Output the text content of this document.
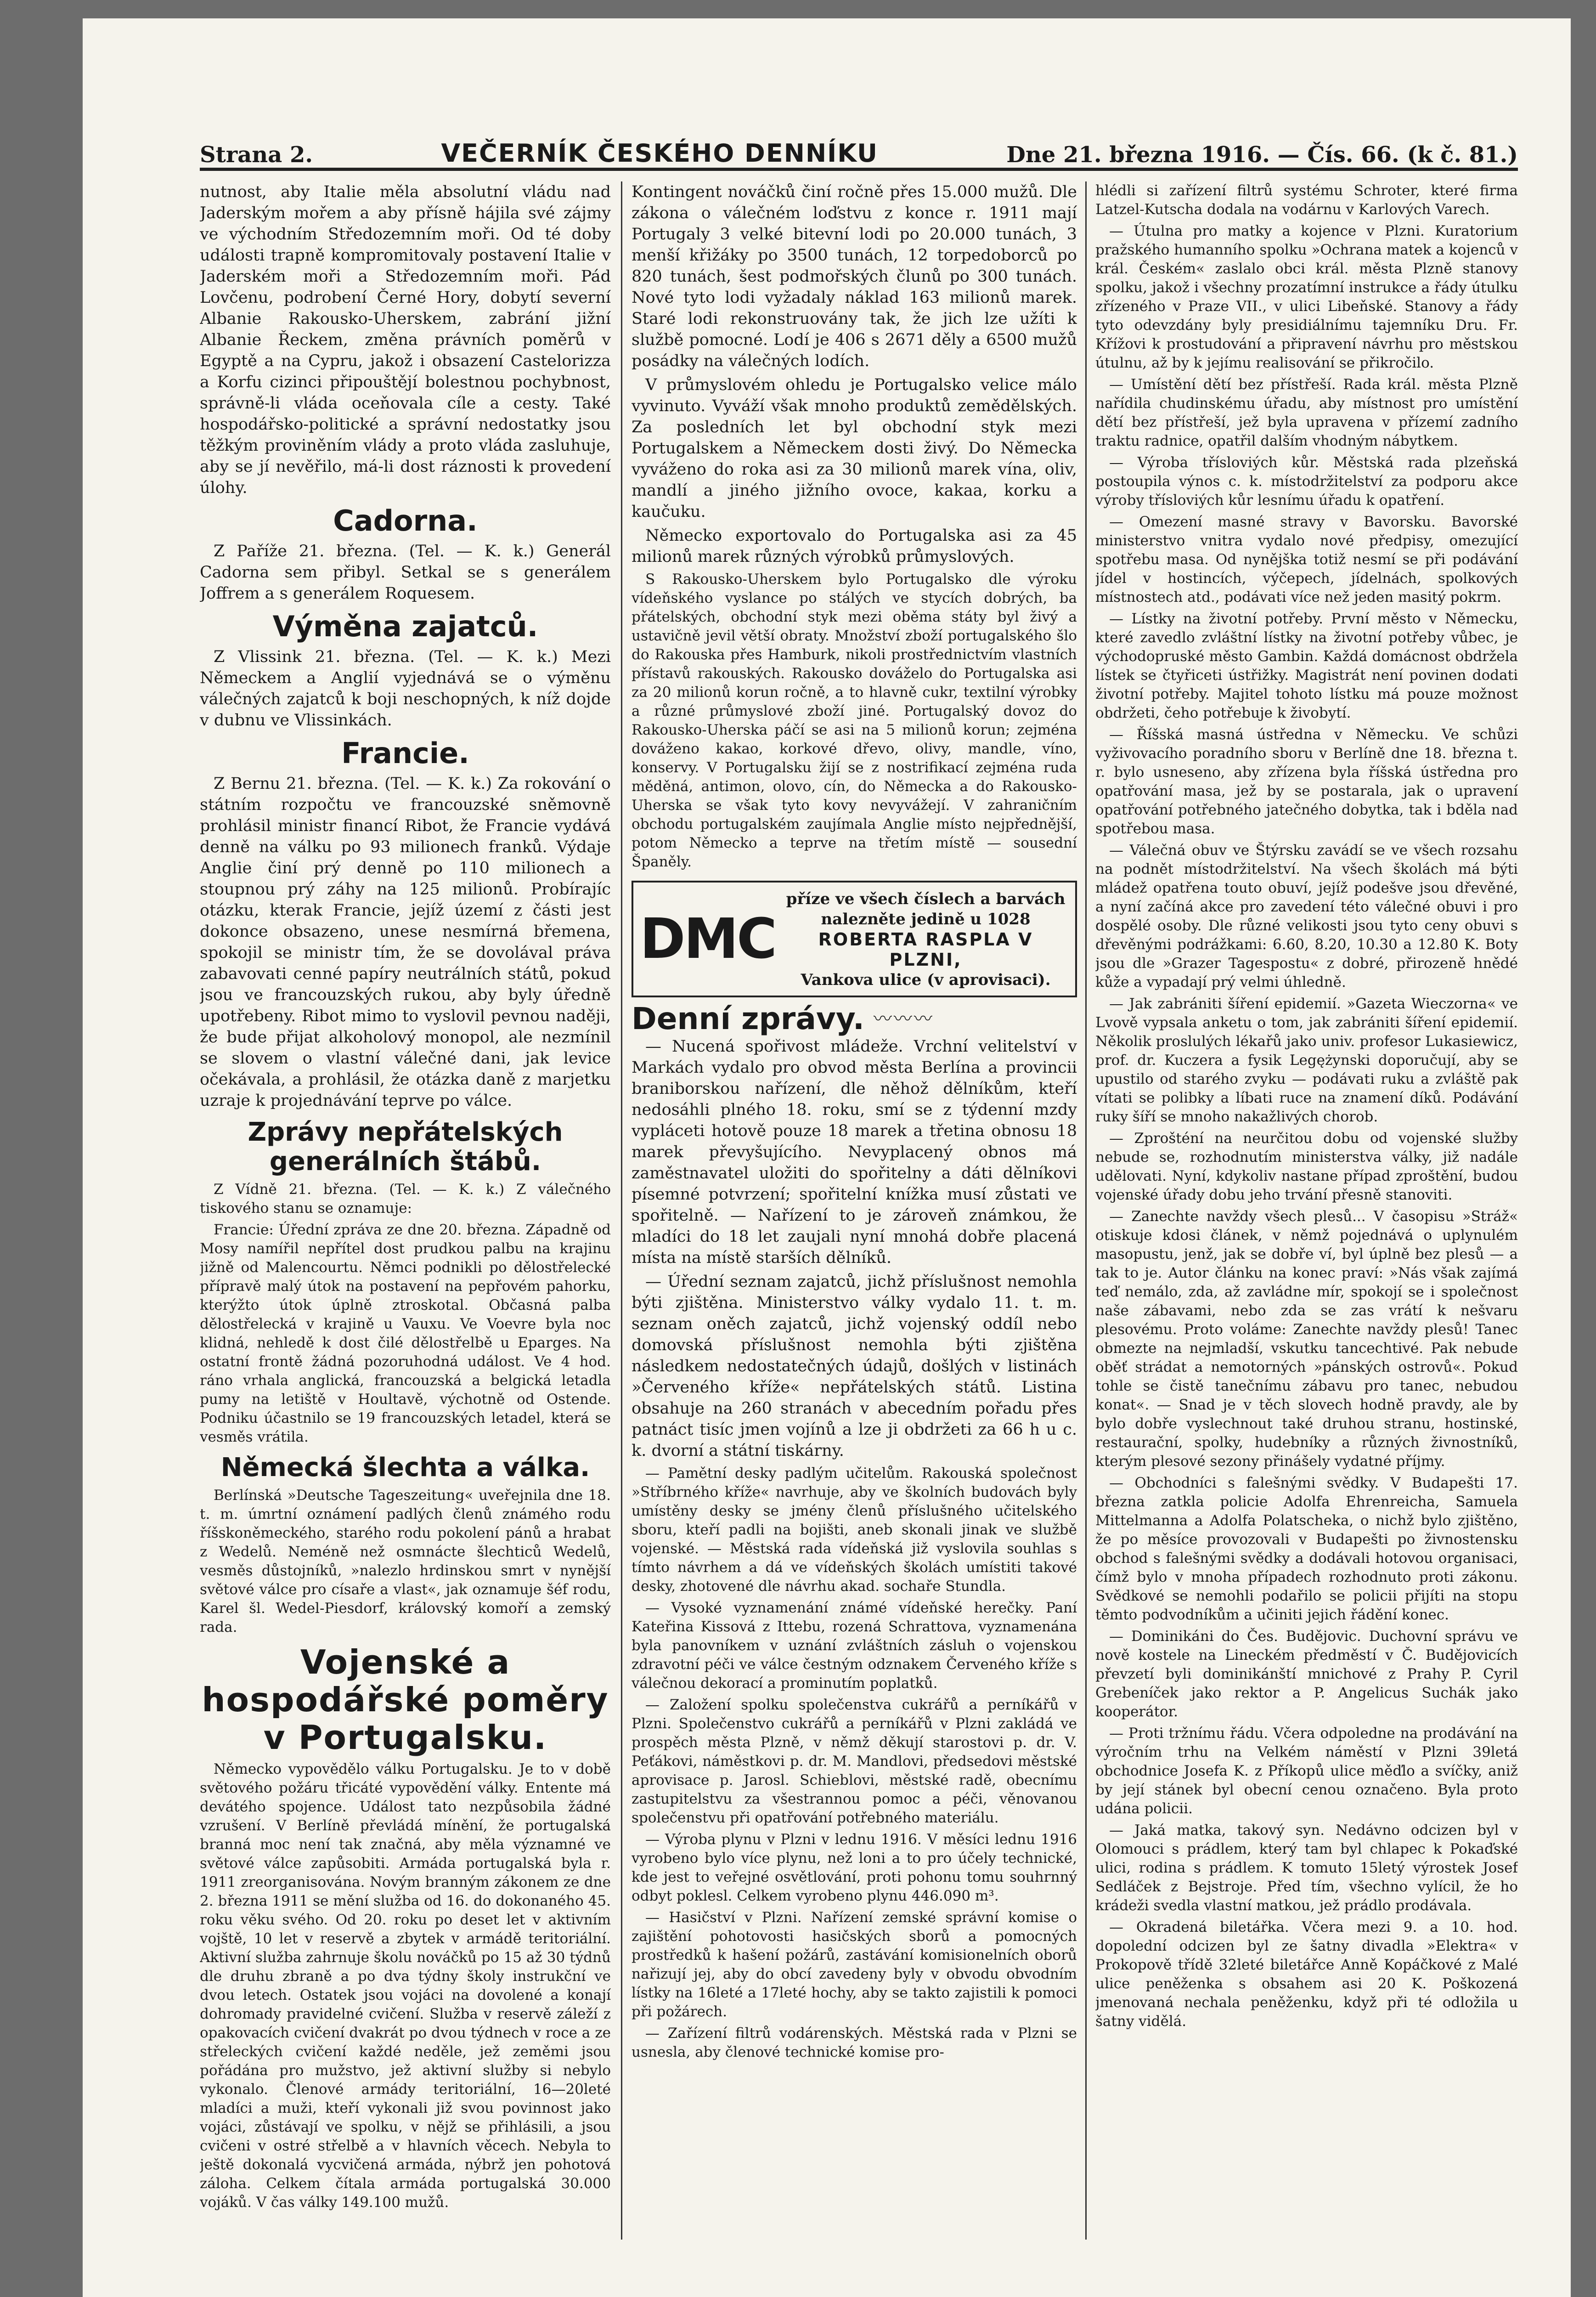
Strana 2.	VEČERNÍK ČESKÉHO DENNÍKU	Dne 21. března 1916. — Čís. 66. (k č. 81.)

nutnost, aby Italie měla absolutní vládu nad Jaderským mořem a aby přísně hájila své zájmy ve východním Středozemním moři. Od té doby události trapně kompromitovaly postavení Italie v Jaderském moři a Středozemním moři. Pád Lovčenu, podrobení Černé Hory, dobytí severní Albanie Rakousko-Uherskem, zabrání jižní Albanie Řeckem, změna právních poměrů v Egyptě a na Cypru, jakož i obsazení Castelorizza a Korfu cizinci připouštějí bolestnou pochybnost, správně-li vláda oceňovala cíle a cesty. Také hospodářsko-politické a správní nedostatky jsou těžkým proviněním vlády a proto vláda zasluhuje, aby se jí nevěřilo, má-li dost ráznosti k provedení úlohy.

Cadorna.

Z Paříže 21. března. (Tel. — K. k.) Generál Cadorna sem přibyl. Setkal se s generálem Joffrem a s generálem Roquesem.

Výměna zajatců.

Z Vlissink 21. března. (Tel. — K. k.) Mezi Německem a Anglií vyjednává se o výměnu válečných zajatců k boji neschopných, k níž dojde v dubnu ve Vlissinkách.

Francie.

Z Bernu 21. března. (Tel. — K. k.) Za rokování o státním rozpočtu ve francouzské sněmovně prohlásil ministr financí Ribot, že Francie vydává denně na válku po 93 milionech franků. Výdaje Anglie činí prý denně po 110 milionech a stoupnou prý záhy na 125 milionů. Probírajíc otázku, kterak Francie, jejíž území z části jest dokonce obsazeno, unese nesmírná břemena, spokojil se ministr tím, že se dovolával práva zabavovati cenné papíry neutrálních států, pokud jsou ve francouzských rukou, aby byly úředně upotřebeny. Ribot mimo to vyslovil pevnou naději, že bude přijat alkoholový monopol, ale nezmínil se slovem o vlastní válečné dani, jak levice očekávala, a prohlásil, že otázka daně z marjetku uzraje k projednávání teprve po válce.

Zprávy nepřátelských generálních štábů.

Z Vídně 21. března. (Tel. — K. k.) Z válečného tiskového stanu se oznamuje:

Francie: Úřední zpráva ze dne 20. března. Západně od Mosy namířil nepřítel dost prudkou palbu na krajinu jižně od Malencourtu. Němci podnikli po dělostřelecké přípravě malý útok na postavení na pepřovém pahorku, kterýžto útok úplně ztroskotal. Občasná palba dělostřelecká v krajině u Vauxu. Ve Voevre byla noc klidná, nehledě k dost čilé dělostřelbě u Eparges. Na ostatní frontě žádná pozoruhodná událost. Ve 4 hod. ráno vrhala anglická, francouzská a belgická letadla pumy na letiště v Houltavě, výchotně od Ostende. Podniku účastnilo se 19 francouzských letadel, která se vesměs vrátila.

Německá šlechta a válka.

Berlínská »Deutsche Tageszeitung« uveřejnila dne 18. t. m. úmrtní oznámení padlých členů známého rodu říšskoněmeckého, starého rodu pokolení pánů a hrabat z Wedelů. Neméně než osmnácte šlechticů Wedelů, vesměs důstojníků, »nalezlo hrdinskou smrt v nynější světové válce pro císaře a vlast«, jak oznamuje šéf rodu, Karel šl. Wedel-Piesdorf, královský komoří a zemský rada.

Vojenské a hospodářské poměry v Portugalsku.

Německo vypovědělo válku Portugalsku. Je to v době světového požáru třicáté vypovědění války. Entente má devátého spojence. Událost tato nezpůsobila žádné vzrušení. V Berlíně převládá mínění, že portugalská branná moc není tak značná, aby měla významné ve světové válce zapůsobiti. Armáda portugalská byla r. 1911 zreorganisována. Novým branným zákonem ze dne 2. března 1911 se mění služba od 16. do dokonaného 45. roku věku svého. Od 20. roku po deset let v aktivním vojště, 10 let v reservě a zbytek v armádě teritoriální. Aktivní služba zahrnuje školu nováčků po 15 až 30 týdnů dle druhu zbraně a po dva týdny školy instrukční ve dvou letech. Ostatek jsou vojáci na dovolené a konají dohromady pravidelné cvičení. Služba v reservě záleží z opakovacích cvičení dvakrát po dvou týdnech v roce a ze střeleckých cvičení každé neděle, jež zeměmi jsou pořádána pro mužstvo, jež aktivní služby si nebylo vykonalo. Členové armády teritoriální, 16—20leté mladíci a muži, kteří vykonali již svou povinnost jako vojáci, zůstávají ve spolku, v nějž se přihlásili, a jsou cvičeni v ostré střelbě a v hlavních věcech. Nebyla to ještě dokonalá vycvičená armáda, nýbrž jen pohotová záloha. Celkem čítala armáda portugalská 30.000 vojáků. V čas války 149.100 mužů.

Kontingent nováčků činí ročně přes 15.000 mužů. Dle zákona o válečném loďstvu z konce r. 1911 mají Portugaly 3 velké bitevní lodi po 20.000 tunách, 3 menší křižáky po 3500 tunách, 12 torpedoborců po 820 tunách, šest podmořských člunů po 300 tunách. Nové tyto lodi vyžadaly náklad 163 milionů marek. Staré lodi rekonstruovány tak, že jich lze užíti k službě pomocné. Lodí je 406 s 2671 děly a 6500 mužů posádky na válečných lodích.

V průmyslovém ohledu je Portugalsko velice málo vyvinuto. Vyváží však mnoho produktů zemědělských. Za posledních let byl obchodní styk mezi Portugalskem a Německem dosti živý. Do Německa vyváženo do roka asi za 30 milionů marek vína, oliv, mandlí a jiného jižního ovoce, kakaa, korku a kaučuku.

Německo exportovalo do Portugalska asi za 45 milionů marek různých výrobků průmyslových.

S Rakousko-Uherskem bylo Portugalsko dle výroku vídeňského vyslance po stálých ve stycích dobrých, ba přátelských, obchodní styk mezi oběma státy byl živý a ustavičně jevil větší obraty. Množství zboží portugalského šlo do Rakouska přes Hamburk, nikoli prostřednictvím vlastních přístavů rakouských. Rakousko dováželo do Portugalska asi za 20 milionů korun ročně, a to hlavně cukr, textilní výrobky a různé průmyslové zboží jiné. Portugalský dovoz do Rakousko-Uherska páčí se asi na 5 milionů korun; zejména dováženo kakao, korkové dřevo, olivy, mandle, víno, konservy. V Portugalsku žijí se z nostrifikací zejména ruda měděná, antimon, olovo, cín, do Německa a do Rakousko-Uherska se však tyto kovy nevyvážejí. V zahraničním obchodu portugalském zaujímala Anglie místo nejpřednější, potom Německo a teprve na třetím místě — sousední Španěly.

DMC
příze ve všech číslech a barvách
nalezněte jedině u 1028
ROBERTA RASPLA V PLZNI,
Vankova ulice (v aprovisaci).
Denní zprávy. 〰〰〰

— Nucená spořivost mládeže. Vrchní velitelství v Markách vydalo pro obvod města Berlína a provincii braniborskou nařízení, dle něhož dělníkům, kteří nedosáhli plného 18. roku, smí se z týdenní mzdy vypláceti hotově pouze 18 marek a třetina obnosu 18 marek převyšujícího. Nevyplacený obnos má zaměstnavatel uložiti do spořitelny a dáti dělníkovi písemné potvrzení; spořitelní knížka musí zůstati ve spořitelně. — Nařízení to je zároveň známkou, že mladíci do 18 let zaujali nyní mnohá dobře placená místa na místě starších dělníků.

— Úřední seznam zajatců, jichž příslušnost nemohla býti zjištěna. Ministerstvo války vydalo 11. t. m. seznam oněch zajatců, jichž vojenský oddíl nebo domovská příslušnost nemohla býti zjištěna následkem nedostatečných údajů, došlých v listinách »Červeného kříže« nepřátelských států. Listina obsahuje na 260 stranách v abecedním pořadu přes patnáct tisíc jmen vojínů a lze ji obdržeti za 66 h u c. k. dvorní a státní tiskárny.

— Pamětní desky padlým učitelům. Rakouská společnost »Stříbrného kříže« navrhuje, aby ve školních budovách byly umístěny desky se jmény členů příslušného učitelského sboru, kteří padli na bojišti, aneb skonali jinak ve službě vojenské. — Městská rada vídeňská již vyslovila souhlas s tímto návrhem a dá ve vídeňských školách umístiti takové desky, zhotovené dle návrhu akad. sochaře Stundla.

— Vysoké vyznamenání známé vídeňské herečky. Paní Kateřina Kissová z Ittebu, rozená Schrattova, vyznamenána byla panovníkem v uznání zvláštních zásluh o vojenskou zdravotní péči ve válce čestným odznakem Červeného kříže s válečnou dekorací a prominutím poplatků.

— Založení spolku společenstva cukrářů a perníkářů v Plzni. Společenstvo cukrářů a perníkářů v Plzni zakládá ve prospěch města Plzně, v němž děkují starostovi p. dr. V. Peťákovi, náměstkovi p. dr. M. Mandlovi, předsedovi městské aprovisace p. Jarosl. Schieblovi, městské radě, obecnímu zastupitelstvu za všestrannou pomoc a péči, věnovanou společenstvu při opatřování potřebného materiálu.

— Výroba plynu v Plzni v lednu 1916. V měsíci lednu 1916 vyrobeno bylo více plynu, než loni a to pro účely technické, kde jest to veřejné osvětlování, proti pohonu tomu souhrnný odbyt poklesl. Celkem vyrobeno plynu 446.090 m³.

— Hasičství v Plzni. Nařízení zemské správní komise o zajištění pohotovosti hasičských sborů a pomocných prostředků k hašení požárů, zastávání komisionelních oborů nařizují jej, aby do obcí zavedeny byly v obvodu obvodním lístky na 16leté a 17leté hochy, aby se takto zajistili k pomoci při požárech.

— Zařízení filtrů vodárenských. Městská rada v Plzni se usnesla, aby členové technické komise pro-

hlédli si zařízení filtrů systému Schroter, které firma Latzel-Kutscha dodala na vodárnu v Karlových Varech.

— Útulna pro matky a kojence v Plzni. Kuratorium pražského humanního spolku »Ochrana matek a kojenců v král. Českém« zaslalo obci král. města Plzně stanovy spolku, jakož i všechny prozatímní instrukce a řády útulku zřízeného v Praze VII., v ulici Libeňské. Stanovy a řády tyto odevzdány byly presidiálnímu tajemníku Dru. Fr. Křížovi k prostudování a připravení návrhu pro městskou útulnu, až by k jejímu realisování se přikročilo.

— Umístění dětí bez přístřeší. Rada král. města Plzně nařídila chudinskému úřadu, aby místnost pro umístění dětí bez přístřeší, jež byla upravena v přízemí zadního traktu radnice, opatřil dalším vhodným nábytkem.

— Výroba třísloviých kůr. Městská rada plzeňská postoupila výnos c. k. místodržitelství za podporu akce výroby třísloviých kůr lesnímu úřadu k opatření.

— Omezení masné stravy v Bavorsku. Bavorské ministerstvo vnitra vydalo nové předpisy, omezující spotřebu masa. Od nynějška totiž nesmí se při podávání jídel v hostincích, výčepech, jídelnách, spolkových místnostech atd., podávati více než jeden masitý pokrm.

— Lístky na životní potřeby. První město v Německu, které zavedlo zvláštní lístky na životní potřeby vůbec, je východopruské město Gambin. Každá domácnost obdržela lístek se čtyřiceti ústřižky. Magistrát není povinen dodati životní potřeby. Majitel tohoto lístku má pouze možnost obdržeti, čeho potřebuje k živobytí.

— Říšská masná ústředna v Německu. Ve schůzi vyživovacího poradního sboru v Berlíně dne 18. března t. r. bylo usneseno, aby zřízena byla říšská ústředna pro opatřování masa, jež by se postarala, jak o upravení opatřování potřebného jatečného dobytka, tak i bděla nad spotřebou masa.

— Válečná obuv ve Štýrsku zavádí se ve všech rozsahu na podnět místodržitelství. Na všech školách má býti mládež opatřena touto obuví, jejíž podešve jsou dřevěné, a nyní začíná akce pro zavedení této válečné obuvi i pro dospělé osoby. Dle různé velikosti jsou tyto ceny obuvi s dřevěnými podrážkami: 6.60, 8.20, 10.30 a 12.80 K. Boty jsou dle »Grazer Tagespostu« z dobré, přirozeně hnědé kůže a vypadají prý velmi úhledně.

— Jak zabrániti šíření epidemií. »Gazeta Wieczorna« ve Lvově vypsala anketu o tom, jak zabrániti šíření epidemií. Několik proslulých lékařů jako univ. profesor Lukasiewicz, prof. dr. Kuczera a fysik Legężynski doporučují, aby se upustilo od starého zvyku — podávati ruku a zvláště pak vítati se polibky a líbati ruce na znamení díků. Podávání ruky šíří se mnoho nakažlivých chorob.

— Zprošténí na neurčitou dobu od vojenské služby nebude se, rozhodnutím ministerstva války, již nadále udělovati. Nyní, kdykoliv nastane případ zproštění, budou vojenské úřady dobu jeho trvání přesně stanoviti.

— Zanechte navždy všech plesů... V časopisu »Stráž« otiskuje kdosi článek, v němž pojednává o uplynulém masopustu, jenž, jak se dobře ví, byl úplně bez plesů — a tak to je. Autor článku na konec praví: »Nás však zajímá teď nemálo, zda, až zavládne mír, spokojí se i společnost naše zábavami, nebo zda se zas vrátí k nešvaru plesovému. Proto voláme: Zanechte navždy plesů! Tanec obmezte na nejmladší, vskutku tancechtivé. Pak nebude oběť strádat a nemotorných »pánských ostrovů«. Pokud tohle se čistě tanečnímu zábavu pro tanec, nebudou konat«. — Snad je v těch slovech hodně pravdy, ale by bylo dobře vyslechnout také druhou stranu, hostinské, restaurační, spolky, hudebníky a různých živnostníků, kterým plesové sezony přinášely vydatné příjmy.

— Obchodníci s falešnými svědky. V Budapešti 17. března zatkla policie Adolfa Ehrenreicha, Samuela Mittelmanna a Adolfa Polatscheka, o nichž bylo zjištěno, že po měsíce provozovali v Budapešti po živnostensku obchod s falešnými svědky a dodávali hotovou organisaci, čímž bylo v mnoha případech rozhodnuto proti zákonu. Svědkové se nemohli podařilo se policii přijíti na stopu těmto podvodníkům a učiniti jejich řádění konec.

— Dominikáni do Čes. Budějovic. Duchovní správu ve nově kostele na Lineckém předměstí v Č. Budějovicích převzetí byli dominikánští mnichové z Prahy P. Cyril Grebeníček jako rektor a P. Angelicus Suchák jako kooperátor.

— Proti tržnímu řádu. Včera odpoledne na prodávání na výročním trhu na Velkém náměstí v Plzni 39letá obchodnice Josefa K. z Příkopů ulice měďlo a svíčky, aniž by její stánek byl obecní cenou označeno. Byla proto udána policii.

— Jaká matka, takový syn. Nedávno odcizen byl v Olomouci s prádlem, který tam byl chlapec k Pokaďské ulici, rodina s prádlem. K tomuto 15letý výrostek Josef Sedláček z Bejstroje. Před tím, všechno vylícil, že ho krádeži svedla vlastní matkou, jež prádlo prodávala.

— Okradená biletářka. Včera mezi 9. a 10. hod. dopolední odcizen byl ze šatny divadla »Elektra« v Prokopově třídě 32leté biletářce Anně Kopáčkové z Malé ulice peněženka s obsahem asi 20 K. Poškozená jmenovaná nechala peněženku, když při té odložila u šatny vidělá.
